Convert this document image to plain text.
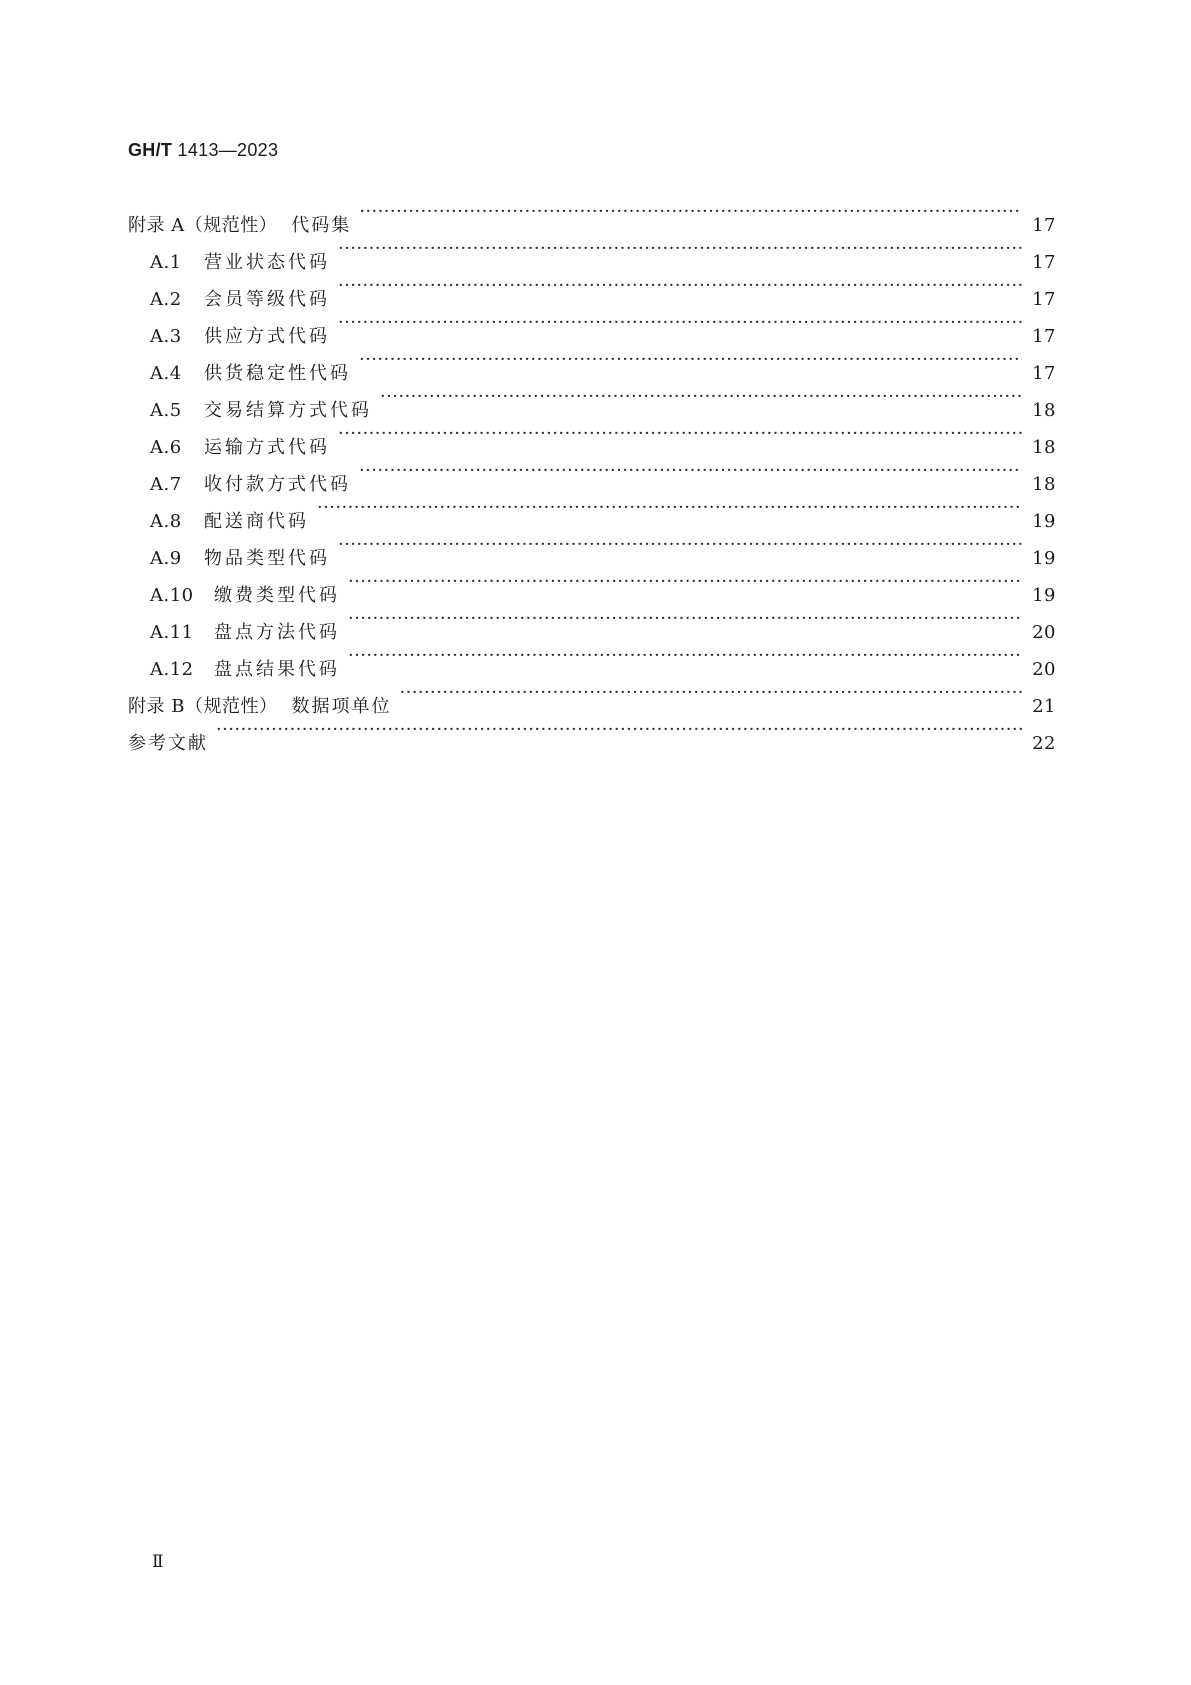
GH/T 1413—2023
附录 A（规范性） 代码集 ·····	17
A.1	营业状态代码 ·····	17
A.2	会员等级代码 ·····	17
A.3	供应方式代码 ·····	17
A.4	供货稳定性代码 ·····	17
A.5	交易结算方式代码 ·····	18
A.6	运输方式代码 ·····	18
A.7	收付款方式代码 ·····	18
A.8	配送商代码 ·····	19
A.9	物品类型代码 ·····	19
A.10	缴费类型代码 ·····	19
A.11	盘点方法代码 ·····	20
A.12	盘点结果代码 ·····	20
附录 B（规范性） 数据项单位 ·····	21
参考文献 ·····	22
Ⅱ
